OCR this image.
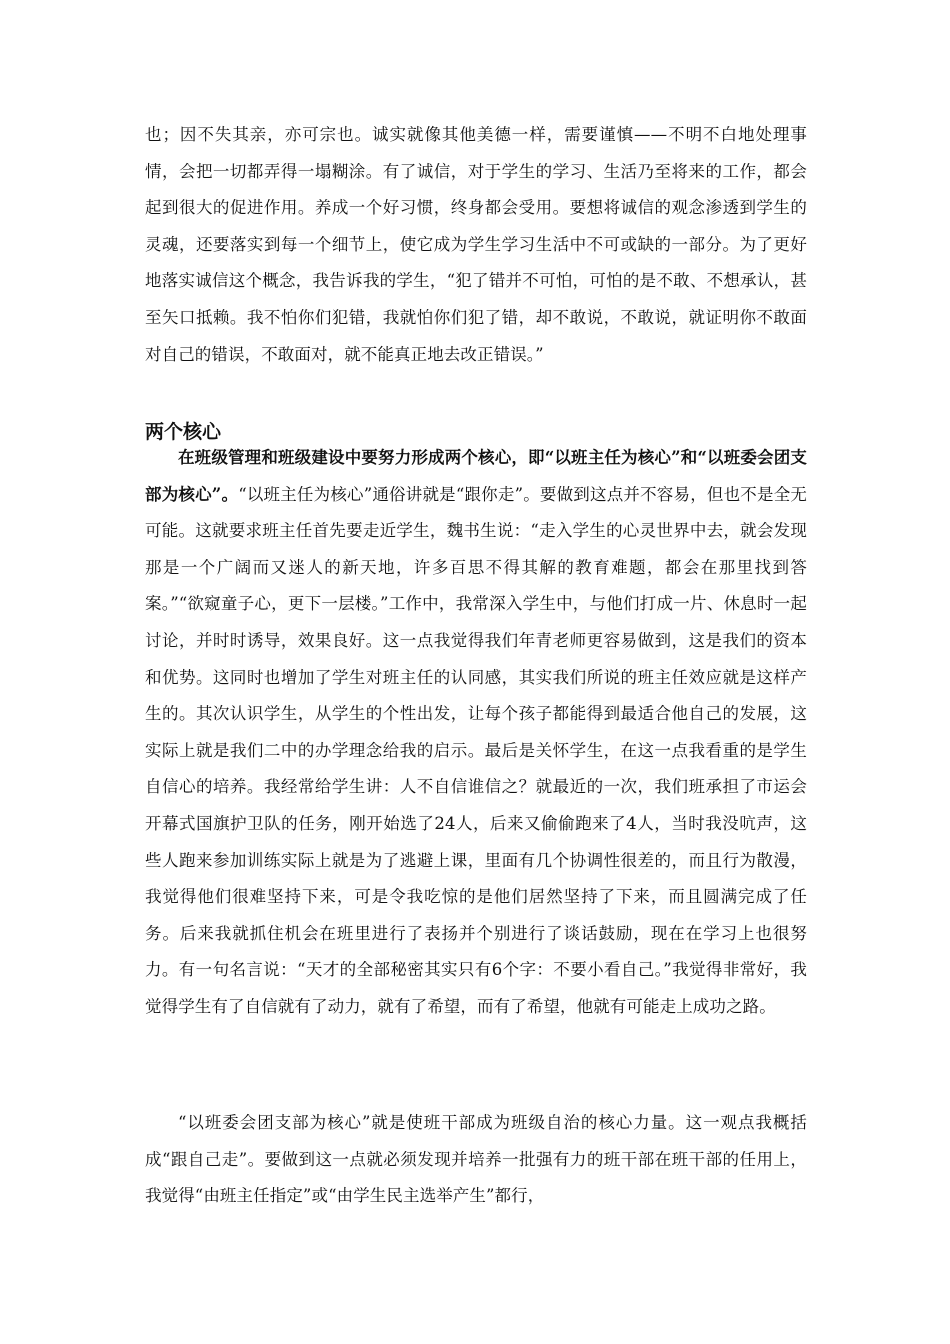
也；因不失其亲，亦可宗也。诚实就像其他美德一样，需要谨慎——不明不白地处理事情，会把一切都弄得一塌糊涂。有了诚信，对于学生的学习、生活乃至将来的工作，都会起到很大的促进作用。养成一个好习惯，终身都会受用。要想将诚信的观念渗透到学生的灵魂，还要落实到每一个细节上，使它成为学生学习生活中不可或缺的一部分。为了更好地落实诚信这个概念，我告诉我的学生，“犯了错并不可怕，可怕的是不敢、不想承认，甚至矢口抵赖。我不怕你们犯错，我就怕你们犯了错，却不敢说，不敢说，就证明你不敢面对自己的错误，不敢面对，就不能真正地去改正错误。”

两个核心

在班级管理和班级建设中要努力形成两个核心，即“以班主任为核心”和“以班委会团支部为核心”。“以班主任为核心”通俗讲就是“跟你走”。要做到这点并不容易，但也不是全无可能。这就要求班主任首先要走近学生，魏书生说：“走入学生的心灵世界中去，就会发现那是一个广阔而又迷人的新天地，许多百思不得其解的教育难题，都会在那里找到答案。”“欲窥童子心，更下一层楼。”工作中，我常深入学生中，与他们打成一片、休息时一起讨论，并时时诱导，效果良好。这一点我觉得我们年青老师更容易做到，这是我们的资本和优势。这同时也增加了学生对班主任的认同感，其实我们所说的班主任效应就是这样产生的。其次认识学生，从学生的个性出发，让每个孩子都能得到最适合他自己的发展，这实际上就是我们二中的办学理念给我的启示。最后是关怀学生，在这一点我看重的是学生自信心的培养。我经常给学生讲：人不自信谁信之？就最近的一次，我们班承担了市运会开幕式国旗护卫队的任务，刚开始选了24人，后来又偷偷跑来了4人，当时我没吭声，这些人跑来参加训练实际上就是为了逃避上课，里面有几个协调性很差的，而且行为散漫，我觉得他们很难坚持下来，可是令我吃惊的是他们居然坚持了下来，而且圆满完成了任务。后来我就抓住机会在班里进行了表扬并个别进行了谈话鼓励，现在在学习上也很努力。有一句名言说：“天才的全部秘密其实只有6个字：不要小看自己。”我觉得非常好，我觉得学生有了自信就有了动力，就有了希望，而有了希望，他就有可能走上成功之路。

“以班委会团支部为核心”就是使班干部成为班级自治的核心力量。这一观点我概括成“跟自己走”。要做到这一点就必须发现并培养一批强有力的班干部在班干部的任用上，我觉得“由班主任指定”或“由学生民主选举产生”都行，
